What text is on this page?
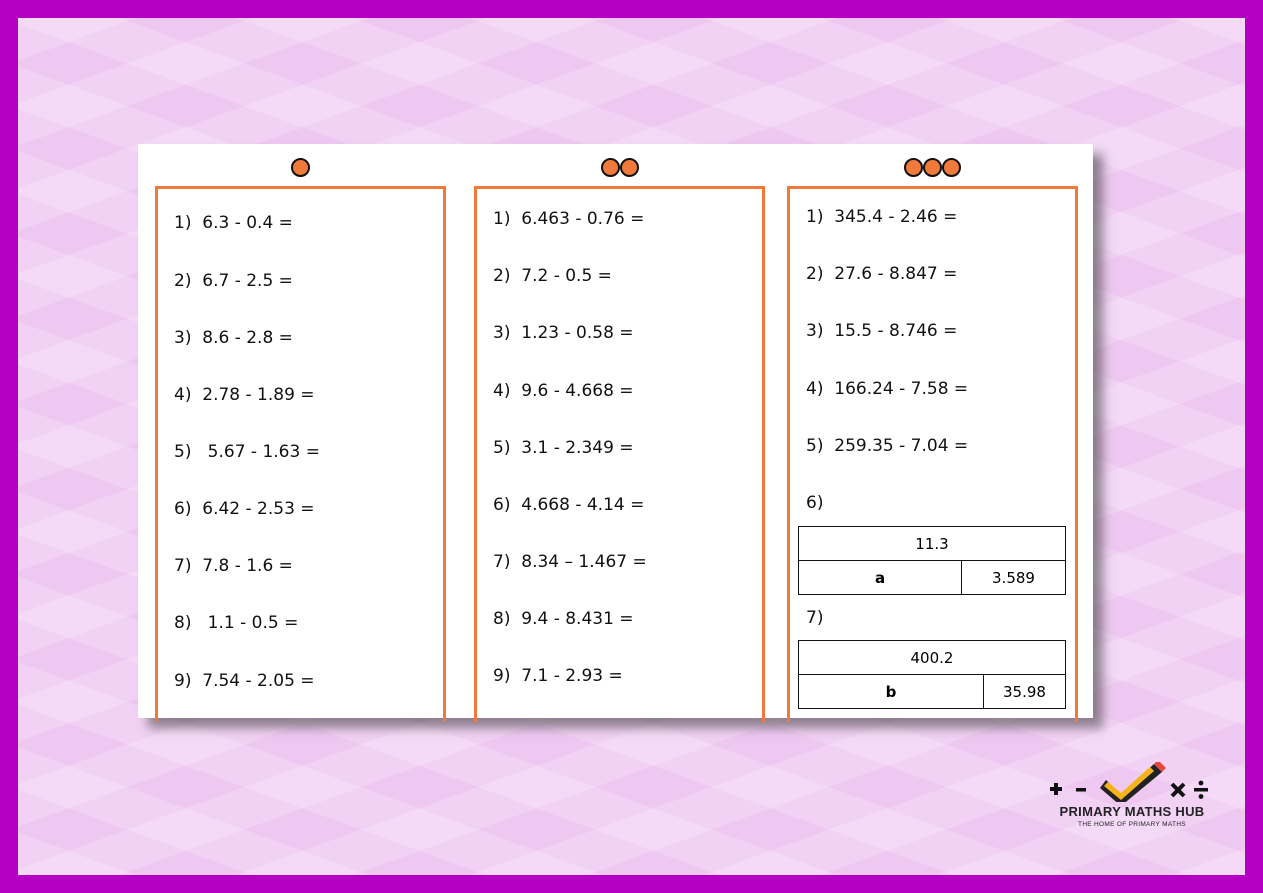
1)  6.3 - 0.4 =
2)  6.7 - 2.5 =
3)  8.6 - 2.8 =
4)  2.78 - 1.89 =
5)   5.67 - 1.63 =
6)  6.42 - 2.53 =
7)  7.8 - 1.6 =
8)   1.1 - 0.5 =
9)  7.54 - 2.05 =
1)  6.463 - 0.76 =
2)  7.2 - 0.5 =
3)  1.23 - 0.58 =
4)  9.6 - 4.668 =
5)  3.1 - 2.349 =
6)  4.668 - 4.14 =
7)  8.34 – 1.467 =
8)  9.4 - 8.431 =
9)  7.1 - 2.93 =
1)  345.4 - 2.46 =
2)  27.6 - 8.847 =
3)  15.5 - 8.746 =
4)  166.24 - 7.58 =
5)  259.35 - 7.04 =
6)
11.3
a	3.589
7)
400.2
b	35.98
PRIMARY MATHS HUB
THE HOME OF PRIMARY MATHS
